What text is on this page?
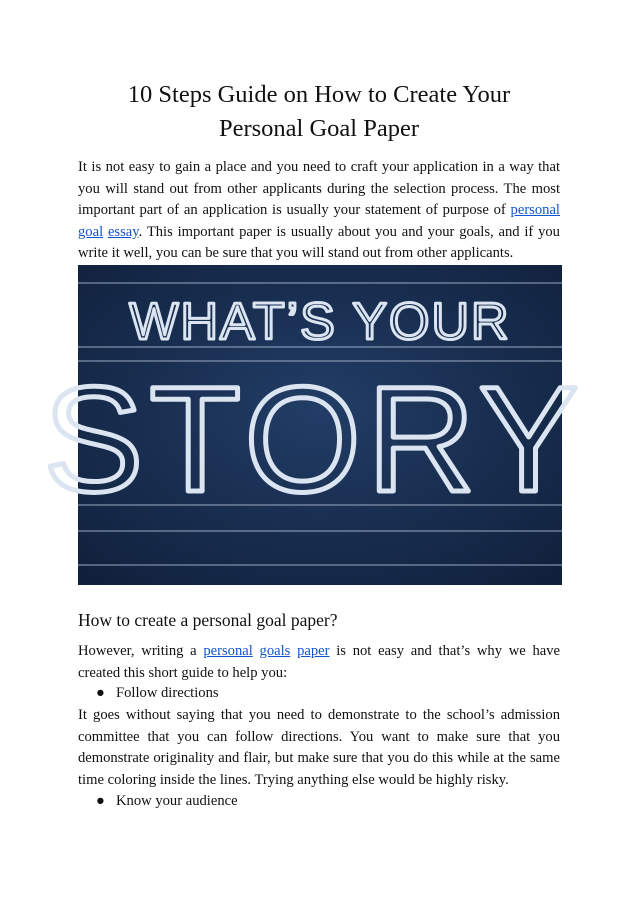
10 Steps Guide on How to Create Your
Personal Goal Paper

It is not easy to gain a place and you need to craft your application in a way that you will stand out from other applicants during the selection process. The most important part of an application is usually your statement of purpose of personal goal essay. This important paper is usually about you and your goals, and if you write it well, you can be sure that you will stand out from other applicants.

WHAT’S YOUR
STORY
How to create a personal goal paper?

However, writing a personal goals paper is not easy and that’s why we have created this short guide to help you:

● Follow directions

It goes without saying that you need to demonstrate to the school’s admission committee that you can follow directions. You want to make sure that you demonstrate originality and flair, but make sure that you do this while at the same time coloring inside the lines. Trying anything else would be highly risky.

● Know your audience
